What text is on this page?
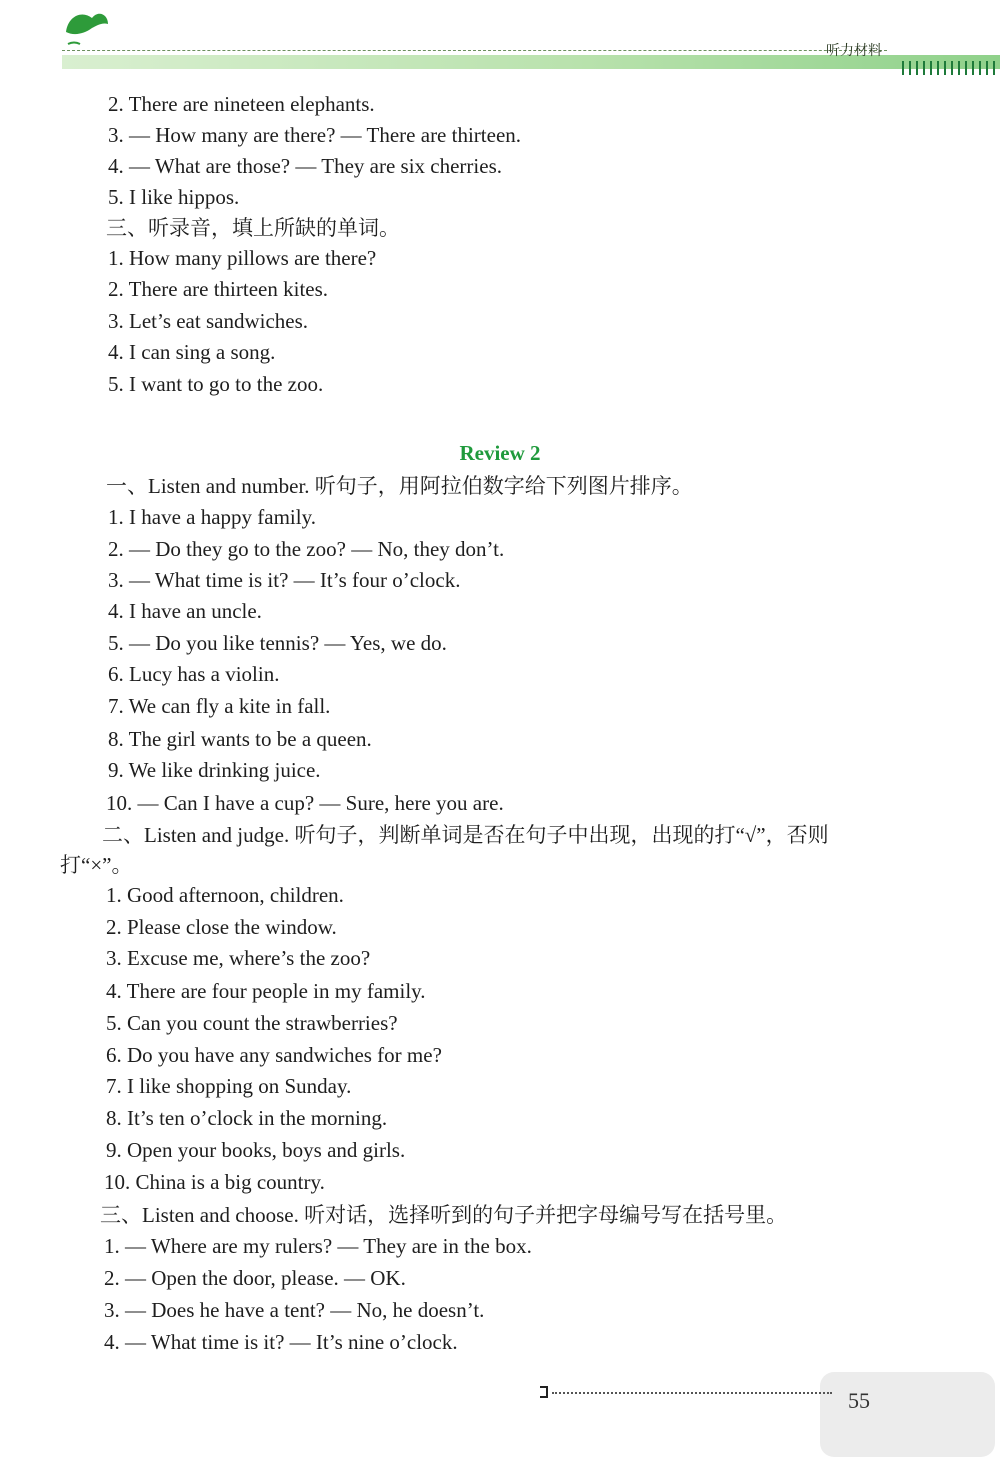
听力材料
2. There are nineteen elephants.
3. — How many are there? — There are thirteen.
4. — What are those? — They are six cherries.
5. I like hippos.
三、听录音，填上所缺的单词。
1. How many pillows are there?
2. There are thirteen kites.
3. Let’s eat sandwiches.
4. I can sing a song.
5. I want to go to the zoo.
Review 2
一、Listen and number. 听句子，用阿拉伯数字给下列图片排序。
1. I have a happy family.
2. — Do they go to the zoo? — No, they don’t.
3. — What time is it? — It’s four o’clock.
4. I have an uncle.
5. — Do you like tennis? — Yes, we do.
6. Lucy has a violin.
7. We can fly a kite in fall.
8. The girl wants to be a queen.
9. We like drinking juice.
10. — Can I have a cup? — Sure, here you are.
二、Listen and judge. 听句子，判断单词是否在句子中出现，出现的打“√”，否则
打“×”。
1. Good afternoon, children.
2. Please close the window.
3. Excuse me, where’s the zoo?
4. There are four people in my family.
5. Can you count the strawberries?
6. Do you have any sandwiches for me?
7. I like shopping on Sunday.
8. It’s ten o’clock in the morning.
9. Open your books, boys and girls.
10. China is a big country.
三、Listen and choose. 听对话，选择听到的句子并把字母编号写在括号里。
1. — Where are my rulers? — They are in the box.
2. — Open the door, please. — OK.
3. — Does he have a tent? — No, he doesn’t.
4. — What time is it? — It’s nine o’clock.
55
